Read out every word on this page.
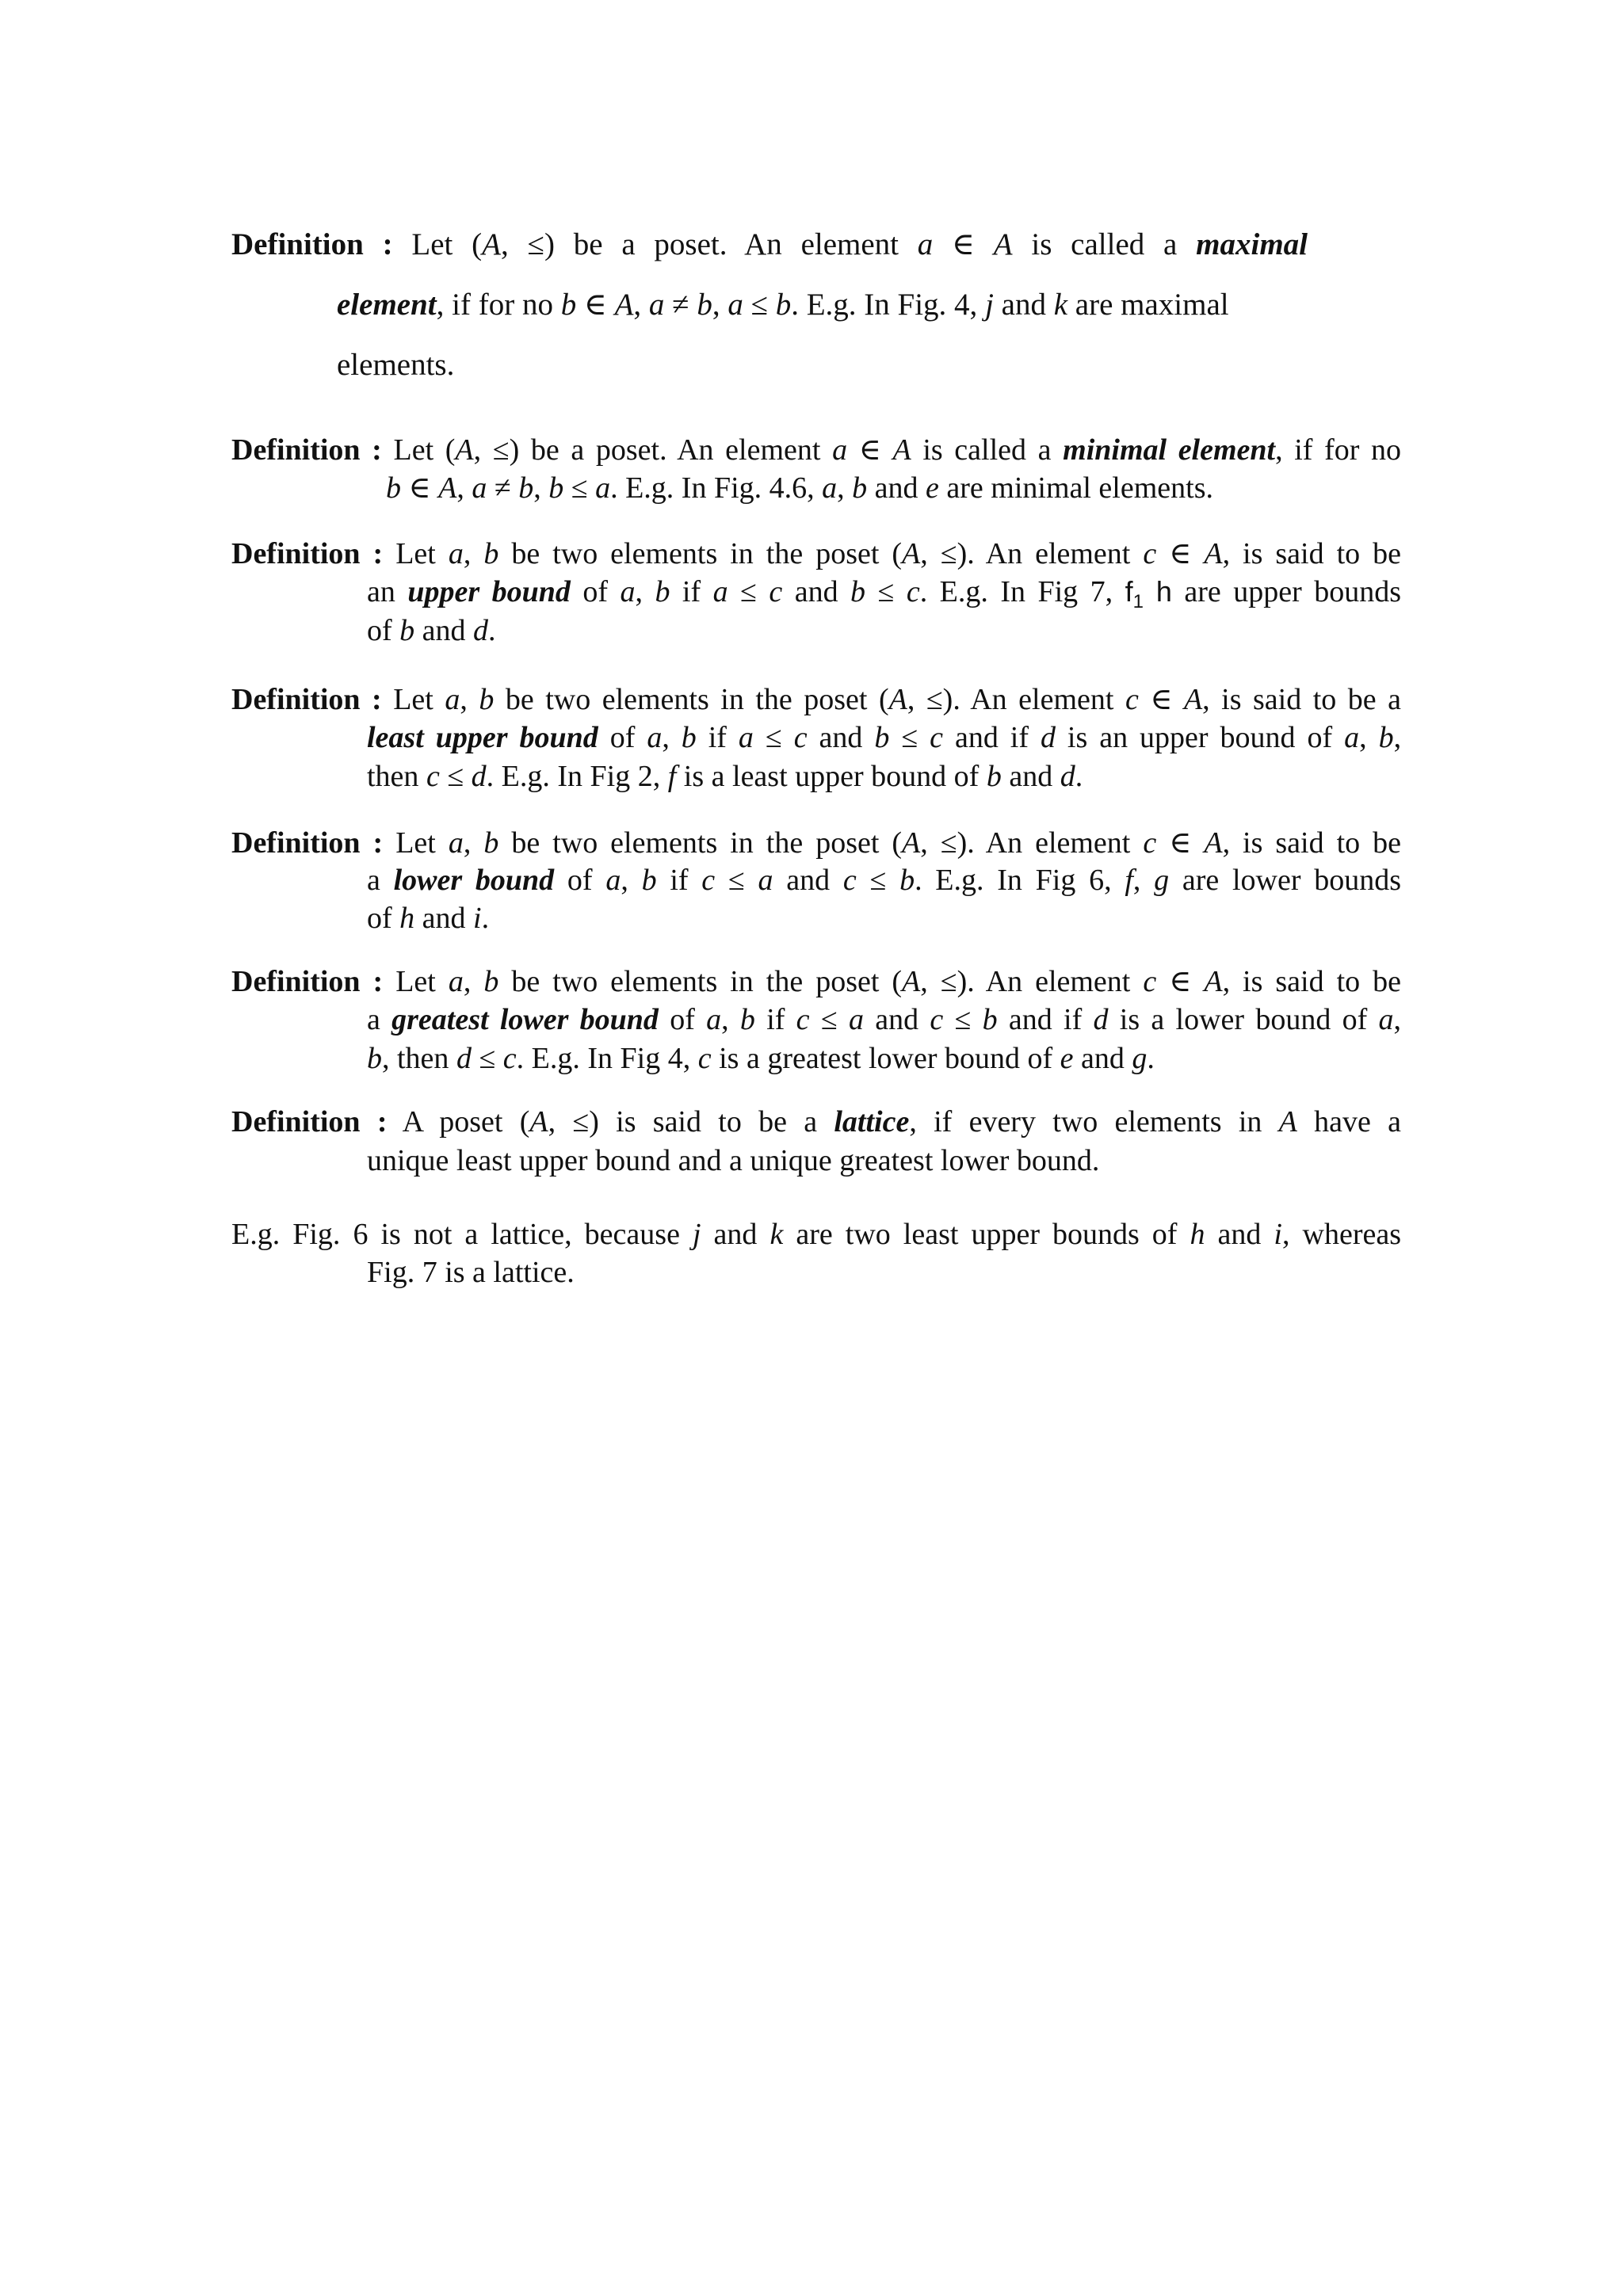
Definition : Let (A, ≤) be a poset. An element a ∈ A is called a maximal
element, if for no b ∈ A, a ≠ b, a ≤ b. E.g. In Fig. 4, j and k are maximal
elements.
Definition : Let (A, ≤) be a poset. An element a ∈ A is called a minimal element, if for no
b ∈ A, a ≠ b, b ≤ a. E.g. In Fig. 4.6, a, b and e are minimal elements.
Definition : Let a, b be two elements in the poset (A, ≤). An element c ∈ A, is said to be
an upper bound of a, b if a ≤ c and b ≤ c. E.g. In Fig 7, $f_1$ h are upper bounds
of b and d.
Definition : Let a, b be two elements in the poset (A, ≤). An element c ∈ A, is said to be a
least upper bound of a, b if a ≤ c and b ≤ c and if d is an upper bound of a, b,
then c ≤ d. E.g. In Fig 2, f is a least upper bound of b and d.
Definition : Let a, b be two elements in the poset (A, ≤). An element c ∈ A, is said to be
a lower bound of a, b if c ≤ a and c ≤ b. E.g. In Fig 6, f, g are lower bounds
of h and i.
Definition : Let a, b be two elements in the poset (A, ≤). An element c ∈ A, is said to be
a greatest lower bound of a, b if c ≤ a and c ≤ b and if d is a lower bound of a,
b, then d ≤ c. E.g. In Fig 4, c is a greatest lower bound of e and g.
Definition : A poset (A, ≤) is said to be a lattice, if every two elements in A have a
unique least upper bound and a unique greatest lower bound.
E.g. Fig. 6 is not a lattice, because j and k are two least upper bounds of h and i, whereas
Fig. 7 is a lattice.
